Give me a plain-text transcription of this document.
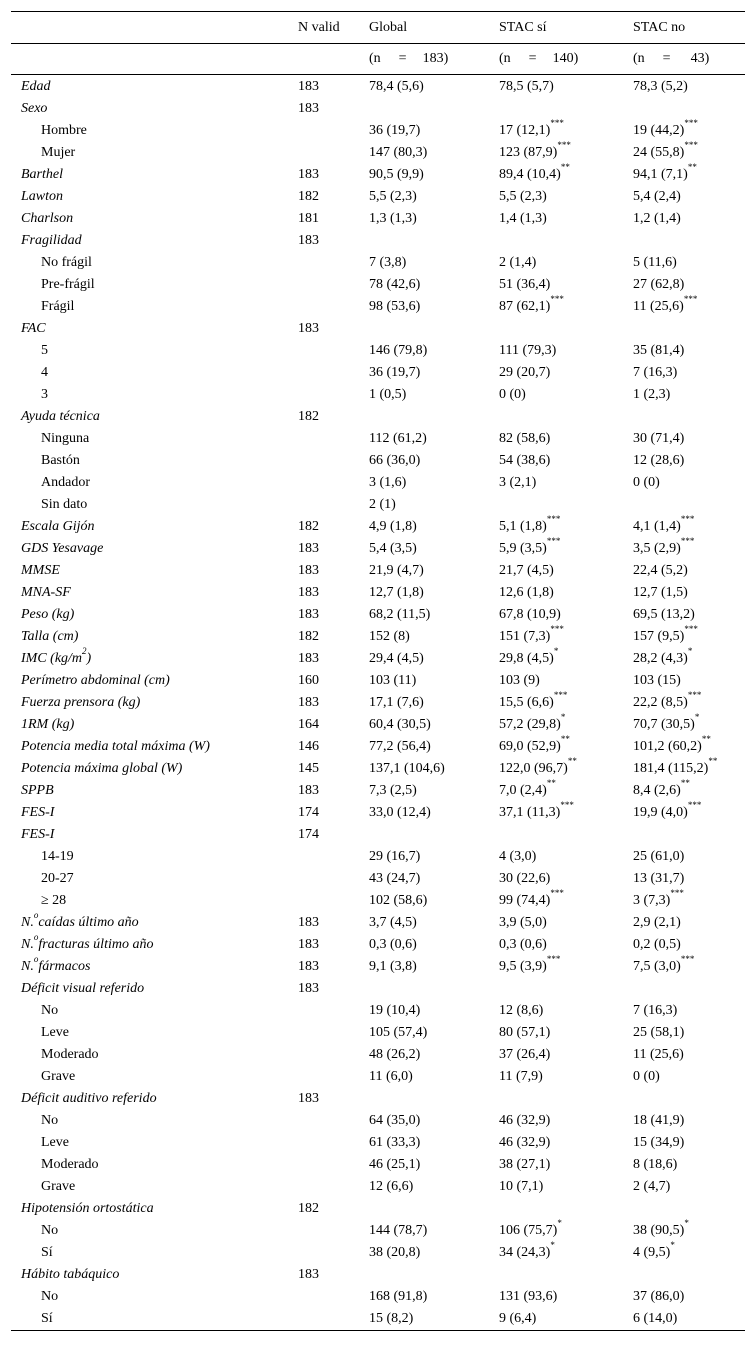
	N valid	Global	STAC sí	STAC no
		(n = 183)	(n = 140)	(n = 43)
Edad	183	78,4 (5,6)	78,5 (5,7)	78,3 (5,2)
Sexo	183			
Hombre		36 (19,7)	17 (12,1)***	19 (44,2)***
Mujer		147 (80,3)	123 (87,9)***	24 (55,8)***
Barthel	183	90,5 (9,9)	89,4 (10,4)**	94,1 (7,1)**
Lawton	182	5,5 (2,3)	5,5 (2,3)	5,4 (2,4)
Charlson	181	1,3 (1,3)	1,4 (1,3)	1,2 (1,4)
Fragilidad	183			
No frágil		7 (3,8)	2 (1,4)	5 (11,6)
Pre-frágil		78 (42,6)	51 (36,4)	27 (62,8)
Frágil		98 (53,6)	87 (62,1)***	11 (25,6)***
FAC	183			
5		146 (79,8)	111 (79,3)	35 (81,4)
4		36 (19,7)	29 (20,7)	7 (16,3)
3		1 (0,5)	0 (0)	1 (2,3)
Ayuda técnica	182			
Ninguna		112 (61,2)	82 (58,6)	30 (71,4)
Bastón		66 (36,0)	54 (38,6)	12 (28,6)
Andador		3 (1,6)	3 (2,1)	0 (0)
Sin dato		2 (1)		
Escala Gijón	182	4,9 (1,8)	5,1 (1,8)***	4,1 (1,4)***
GDS Yesavage	183	5,4 (3,5)	5,9 (3,5)***	3,5 (2,9)***
MMSE	183	21,9 (4,7)	21,7 (4,5)	22,4 (5,2)
MNA-SF	183	12,7 (1,8)	12,6 (1,8)	12,7 (1,5)
Peso (kg)	183	68,2 (11,5)	67,8 (10,9)	69,5 (13,2)
Talla (cm)	182	152 (8)	151 (7,3)***	157 (9,5)***
IMC $(kg/m^2)$	183	29,4 (4,5)	29,8 (4,5)*	28,2 (4,3)*
Perímetro abdominal (cm)	160	103 (11)	103 (9)	103 (15)
Fuerza prensora (kg)	183	17,1 (7,6)	15,5 (6,6)***	22,2 (8,5)***
1RM (kg)	164	60,4 (30,5)	57,2 (29,8)*	70,7 (30,5)*
Potencia media total máxima (W)	146	77,2 (56,4)	69,0 (52,9)**	101,2 (60,2)**
Potencia máxima global (W)	145	137,1 (104,6)	122,0 (96,7)**	181,4 (115,2)**
SPPB	183	7,3 (2,5)	7,0 (2,4)**	8,4 (2,6)**
FES-I	174	33,0 (12,4)	37,1 (11,3)***	19,9 (4,0)***
FES-I	174			
14-19		29 (16,7)	4 (3,0)	25 (61,0)
20-27		43 (24,7)	30 (22,6)	13 (31,7)
≥ 28		102 (58,6)	99 (74,4)***	3 (7,3)***
N.$^o$caídas último año	183	3,7 (4,5)	3,9 (5,0)	2,9 (2,1)
N.$^o$fracturas último año	183	0,3 (0,6)	0,3 (0,6)	0,2 (0,5)
N.$^o$fármacos	183	9,1 (3,8)	9,5 (3,9)***	7,5 (3,0)***
Déficit visual referido	183			
No		19 (10,4)	12 (8,6)	7 (16,3)
Leve		105 (57,4)	80 (57,1)	25 (58,1)
Moderado		48 (26,2)	37 (26,4)	11 (25,6)
Grave		11 (6,0)	11 (7,9)	0 (0)
Déficit auditivo referido	183			
No		64 (35,0)	46 (32,9)	18 (41,9)
Leve		61 (33,3)	46 (32,9)	15 (34,9)
Moderado		46 (25,1)	38 (27,1)	8 (18,6)
Grave		12 (6,6)	10 (7,1)	2 (4,7)
Hipotensión ortostática	182			
No		144 (78,7)	106 (75,7)*	38 (90,5)*
Sí		38 (20,8)	34 (24,3)*	4 (9,5)*
Hábito tabáquico	183			
No		168 (91,8)	131 (93,6)	37 (86,0)
Sí		15 (8,2)	9 (6,4)	6 (14,0)
